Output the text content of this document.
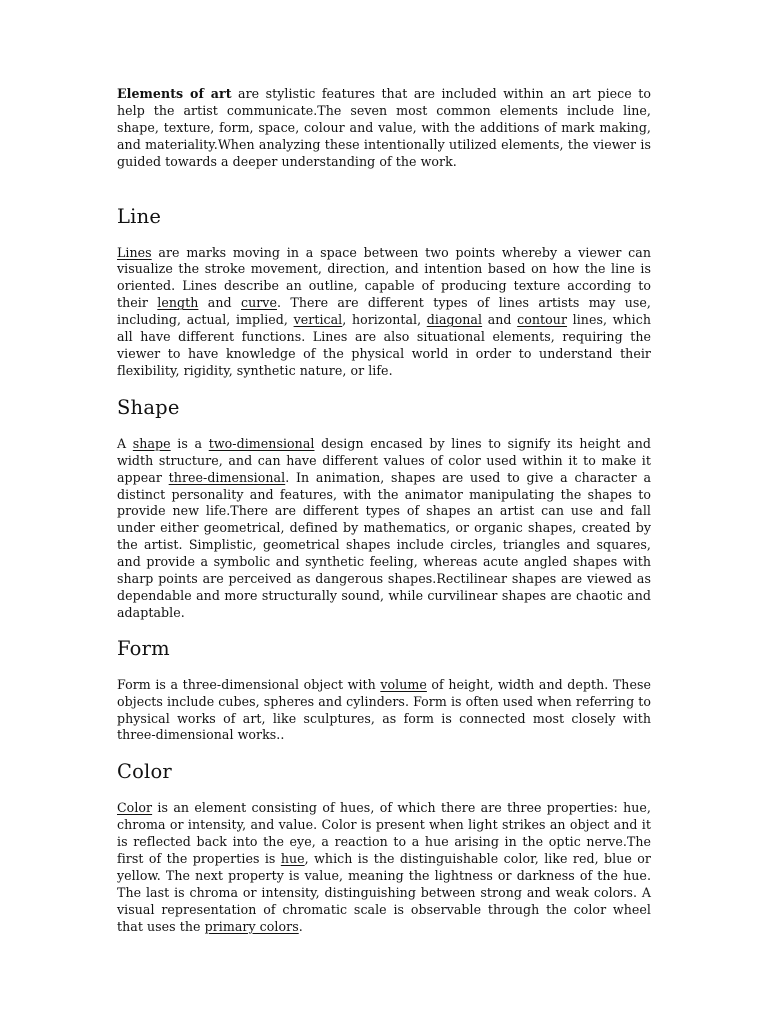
Elements of art are stylistic features that are included within an art piece to help the artist communicate.The seven most common elements include line, shape, texture, form, space, colour and value, with the additions of mark making, and materiality.When analyzing these intentionally utilized elements, the viewer is guided towards a deeper understanding of the work.

Line

Lines are marks moving in a space between two points whereby a viewer can visualize the stroke movement, direction, and intention based on how the line is oriented. Lines describe an outline, capable of producing texture according to their length and curve. There are different types of lines artists may use, including, actual, implied, vertical, horizontal, diagonal and contour lines, which all have different functions. Lines are also situational elements, requiring the viewer to have knowledge of the physical world in order to understand their flexibility, rigidity, synthetic nature, or life.

Shape

A shape is a two-dimensional design encased by lines to signify its height and width structure, and can have different values of color used within it to make it appear three-dimensional. In animation, shapes are used to give a character a distinct personality and features, with the animator manipulating the shapes to provide new life.There are different types of shapes an artist can use and fall under either geometrical, defined by mathematics, or organic shapes, created by the artist. Simplistic, geometrical shapes include circles, triangles and squares, and provide a symbolic and synthetic feeling, whereas acute angled shapes with sharp points are perceived as dangerous shapes.Rectilinear shapes are viewed as dependable and more structurally sound, while curvilinear shapes are chaotic and adaptable.

Form

Form is a three-dimensional object with volume of height, width and depth. These objects include cubes, spheres and cylinders. Form is often used when referring to physical works of art, like sculptures, as form is connected most closely with three-dimensional works..

Color

Color is an element consisting of hues, of which there are three properties: hue, chroma or intensity, and value. Color is present when light strikes an object and it is reflected back into the eye, a reaction to a hue arising in the optic nerve.The first of the properties is hue, which is the distinguishable color, like red, blue or yellow. The next property is value, meaning the lightness or darkness of the hue. The last is chroma or intensity, distinguishing between strong and weak colors. A visual representation of chromatic scale is observable through the color wheel that uses the primary colors.
